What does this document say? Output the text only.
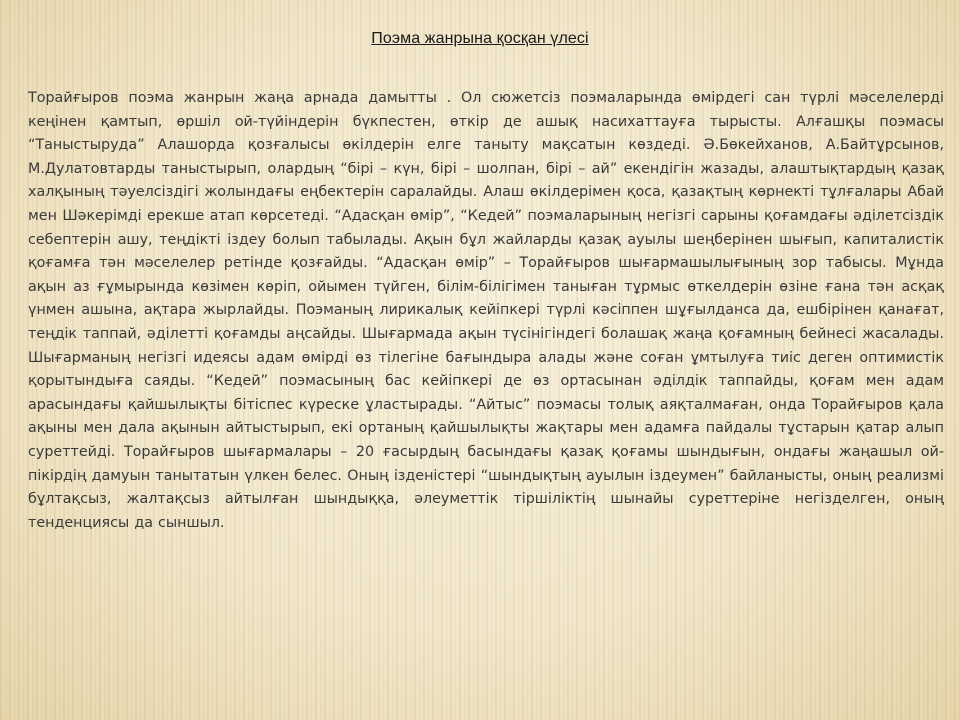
Поэма жанрына қосқан үлесі

Торайғыров поэма жанрын жаңа арнада дамытты . Ол сюжетсіз поэмаларында өмірдегі сан түрлі мәселелерді кеңінен қамтып, өршіл ой-түйіндерін бүкпестен, өткір де ашық насихаттауға тырысты. Алғашқы поэмасы “Таныстыруда” Алашорда қозғалысы өкілдерін елге таныту мақсатын көздеді. Ә.Бөкейханов, А.Байтұрсынов, М.Дулатовтарды таныстырып, олардың “бірі – күн, бірі – шолпан, бірі – ай” екендігін жазады, алаштықтардың қазақ халқының тәуелсіздігі жолындағы еңбектерін саралайды. Алаш өкілдерімен қоса, қазақтың көрнекті тұлғалары Абай мен Шәкерімді ерекше атап көрсетеді. “Адасқан өмір”, “Кедей” поэмаларының негізгі сарыны қоғамдағы әділетсіздік себептерін ашу, теңдікті іздеу болып табылады. Ақын бұл жайларды қазақ ауылы шеңберінен шығып, капиталистік қоғамға тән мәселелер ретінде қозғайды. “Адасқан өмір” – Торайғыров шығармашылығының зор табысы. Мұнда ақын аз ғұмырында көзімен көріп, ойымен түйген, білім-білігімен таныған тұрмыс өткелдерін өзіне ғана тән асқақ үнмен ашына, ақтара жырлайды. Поэманың лирикалық кейіпкері түрлі кәсіппен шұғылданса да, ешбірінен қанағат, теңдік таппай, әділетті қоғамды аңсайды. Шығармада ақын түсінігіндегі болашақ жаңа қоғамның бейнесі жасалады. Шығарманың негізгі идеясы адам өмірді өз тілегіне бағындыра алады және соған ұмтылуға тиіс деген оптимистік қорытындыға саяды. “Кедей” поэмасының бас кейіпкері де өз ортасынан әділдік таппайды, қоғам мен адам арасындағы қайшылықты бітіспес күреске ұластырады. “Айтыс” поэмасы толық аяқталмаған, онда Торайғыров қала ақыны мен дала ақынын айтыстырып, екі ортаның қайшылықты жақтары мен адамға пайдалы тұстарын қатар алып суреттейді. Торайғыров шығармалары – 20 ғасырдың басындағы қазақ қоғамы шындығын, ондағы жаңашыл ой-пікірдің дамуын танытатын үлкен белес. Оның ізденістері “шындықтың ауылын іздеумен” байланысты, оның реализмі бұлтақсыз, жалтақсыз айтылған шындыққа, әлеуметтік тіршіліктің шынайы суреттеріне негізделген, оның тенденциясы да сыншыл.
